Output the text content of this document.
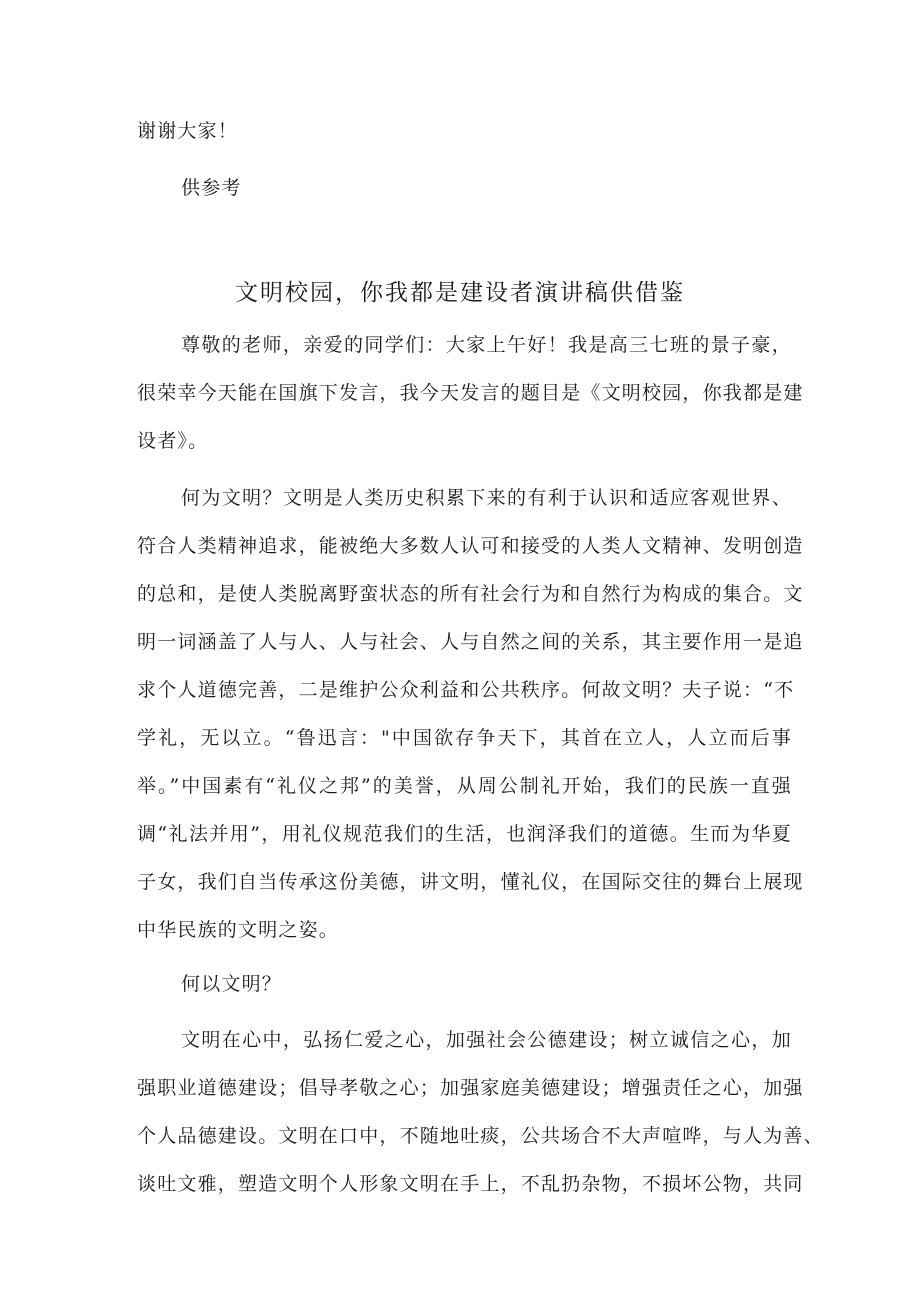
谢谢大家！
供参考
文明校园，你我都是建设者演讲稿供借鉴
尊敬的老师，亲爱的同学们：大家上午好！我是高三七班的景子豪，
很荣幸今天能在国旗下发言，我今天发言的题目是《文明校园，你我都是建
设者》。
何为文明？文明是人类历史积累下来的有利于认识和适应客观世界、
符合人类精神追求，能被绝大多数人认可和接受的人类人文精神、发明创造
的总和，是使人类脱离野蛮状态的所有社会行为和自然行为构成的集合。文
明一词涵盖了人与人、人与社会、人与自然之间的关系，其主要作用一是追
求个人道德完善，二是维护公众利益和公共秩序。何故文明？夫子说：“不
学礼，无以立。“鲁迅言："中国欲存争天下，其首在立人，人立而后事
举。”中国素有“礼仪之邦”的美誉，从周公制礼开始，我们的民族一直强
调“礼法并用”，用礼仪规范我们的生活，也润泽我们的道德。生而为华夏
子女，我们自当传承这份美德，讲文明，懂礼仪，在国际交往的舞台上展现
中华民族的文明之姿。
何以文明？
文明在心中，弘扬仁爱之心，加强社会公德建设；树立诚信之心，加
强职业道德建设；倡导孝敬之心；加强家庭美德建设；增强责任之心，加强
个人品德建设。文明在口中，不随地吐痰，公共场合不大声喧哗，与人为善、
谈吐文雅，塑造文明个人形象文明在手上，不乱扔杂物，不损坏公物，共同
